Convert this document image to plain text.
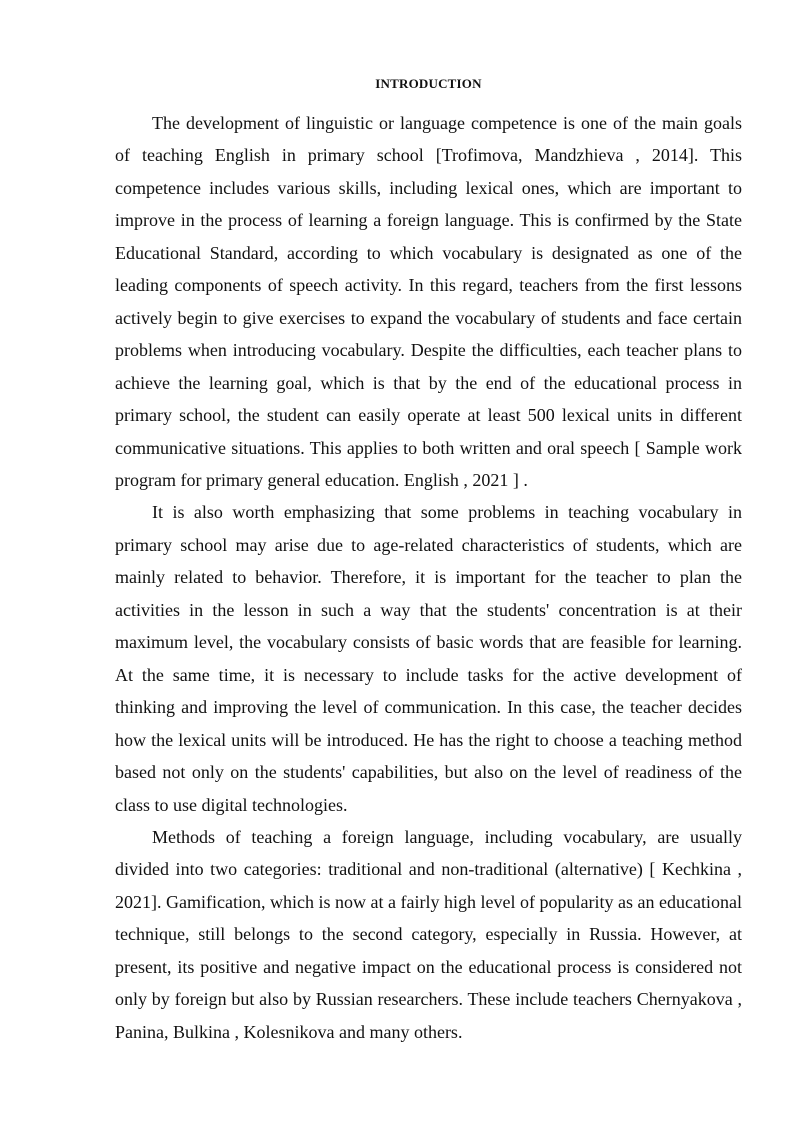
INTRODUCTION

The development of linguistic or language competence is one of the main goals of teaching English in primary school [Trofimova, Mandzhieva , 2014]. This competence includes various skills, including lexical ones, which are important to improve in the process of learning a foreign language. This is confirmed by the State Educational Standard, according to which vocabulary is designated as one of the leading components of speech activity. In this regard, teachers from the first lessons actively begin to give exercises to expand the vocabulary of students and face certain problems when introducing vocabulary. Despite the difficulties, each teacher plans to achieve the learning goal, which is that by the end of the educational process in primary school, the student can easily operate at least 500 lexical units in different communicative situations. This applies to both written and oral speech [ Sample work program for primary general education. English , 2021 ] .

It is also worth emphasizing that some problems in teaching vocabulary in primary school may arise due to age-related characteristics of students, which are mainly related to behavior. Therefore, it is important for the teacher to plan the activities in the lesson in such a way that the students' concentration is at their maximum level, the vocabulary consists of basic words that are feasible for learning. At the same time, it is necessary to include tasks for the active development of thinking and improving the level of communication. In this case, the teacher decides how the lexical units will be introduced. He has the right to choose a teaching method based not only on the students' capabilities, but also on the level of readiness of the class to use digital technologies.

Methods of teaching a foreign language, including vocabulary, are usually divided into two categories: traditional and non-traditional (alternative) [ Kechkina , 2021]. Gamification, which is now at a fairly high level of popularity as an educational technique, still belongs to the second category, especially in Russia. However, at present, its positive and negative impact on the educational process is considered not only by foreign but also by Russian researchers. These include teachers Chernyakova , Panina, Bulkina , Kolesnikova and many others.
